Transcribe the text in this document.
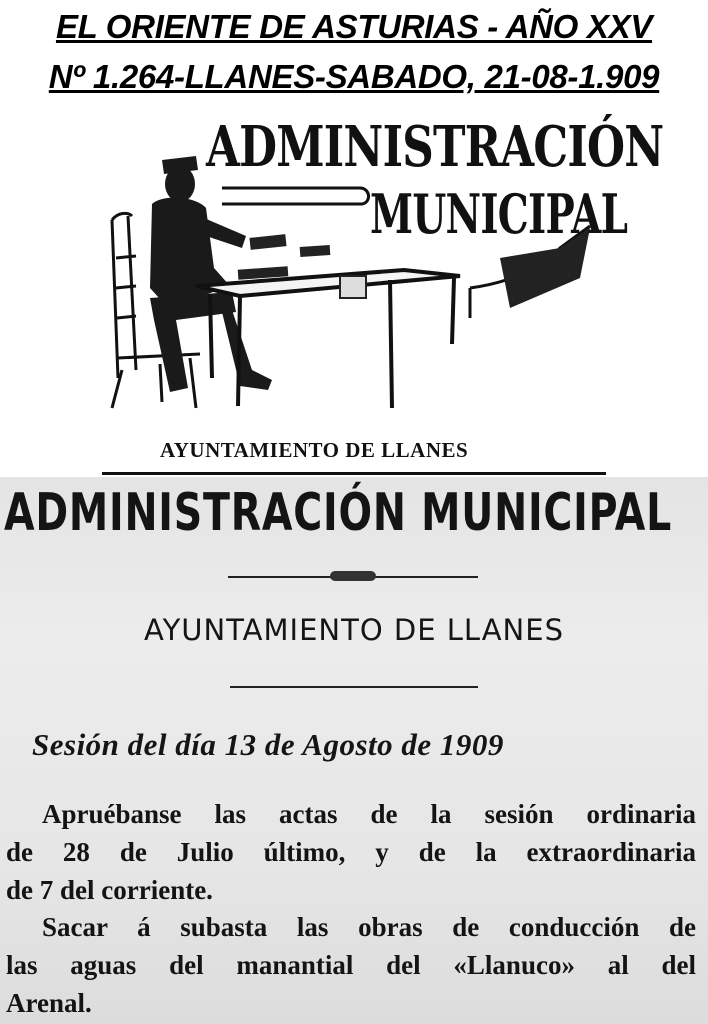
EL ORIENTE DE ASTURIAS - AÑO XXV
Nº 1.264-LLANES-SABADO, 21-08-1.909
ADMINISTRACIÓN
MUNICIPAL
AYUNTAMIENTO DE LLANES
ADMINISTRACIÓN MUNICIPAL
AYUNTAMIENTO DE LLANES
Sesión del día 13 de Agosto de 1909
Apruébanse las actas de la sesión ordinaria
de 28 de Julio último, y de la extraordinaria
de 7 del corriente.
Sacar á subasta las obras de conducción de
las aguas del manantial del «Llanuco» al del
Arenal.
